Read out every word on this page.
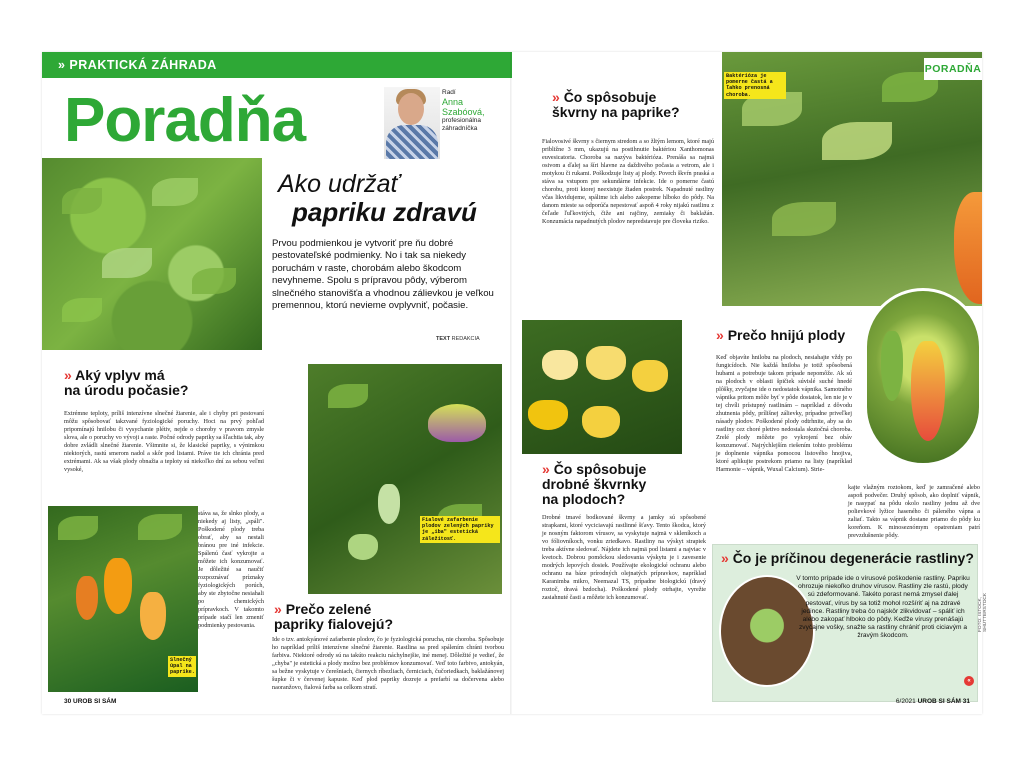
» PRAKTICKÁ ZÁHRADA
Poradňa	Radí
Anna
Szabóová,
profesionálna
záhradníčka
Ako udržať
papriku zdravú
Prvou podmienkou je vytvoriť pre ňu dobré pestovateľské podmienky. No i tak sa niekedy poruchám v raste, chorobám alebo škodcom nevyhneme. Spolu s prípravou pôdy, výberom slnečného stanovišťa a vhodnou zálievkou je veľkou premennou, ktorú nevieme ovplyvniť, počasie.
TEXT REDAKCIA
» Aký vplyv má
na úrodu počasie?

Extrémne teploty, príliš intenzívne slnečné žiarenie, ale i chyby pri pestovaní môžu spôsobovať takzvané fyziologické poruchy. Hoci na prvý pohľad pripomínajú hnilobu či vysychanie plétiv, nejde o choroby v pravom zmysle slova, ale o poruchy vo vývoji a raste. Počné odrody papriky sa šľachtia tak, aby dobre zvládli slnečné žiarenie. Všimnite si, že klasické papriky, s výnimkou niektorých, rastú smerom nadol a skôr pod listami. Práve tie ich chránia pred extrémami. Ak sa však plody obnažia a teploty sú niekoľko dní za sebou veľmi vysoké,

Slnečný úpal na paprike.

stáva sa, že slnko plody, a niekedy aj listy, „spáli". Poškodené plody treba obrať, aby sa nestali bránou pre iné infekcie. Spálenú časť vykrojte a môžete ich konzumovať. Je dôležité sa naučiť rozpoznávať príznaky fyziologických porúch, aby ste zbytočne nesiahali po chemických prípravkoch. V takomto prípade stačí len zmeniť podmienky pestovania.

Fialové zafarbenie plodov zelených papriky je „iba" estetická záležitosť.
» Prečo zelené
papriky fialovejú?

Ide o tzv. antokyánové zafarbenie plodov, čo je fyziologická porucha, nie choroba. Spôsobuje ho napríklad príliš intenzívne slnečné žiarenie. Rastlina sa pred spálením chráni tvorbou farbiva. Niektoré odrody sú na takúto reakciu náchylnejšie, iné menej. Dôležité je vedieť, že „chyba" je estetická a plody možno bez problémov konzumovať. Veď toto farbivo, antokyán, sa bežne vyskytuje v čerešniach, čiernych ríbezliach, černiciach, čučoriedkach, baklažánovej šupke či v červenej kapuste. Keď plod papriky dozreje a prefarbí sa dočervena alebo naoranžovo, fialová farba sa celkom stratí.

30 UROB SI SÁM
Baktérióza je pomerne častá a ľahko prenosná choroba.
PORADŇA
» Čo spôsobuje
škvrny na paprike?

Fialovosivé škvrny s čiernym stredom a so žltým lemom, ktoré majú približne 3 mm, ukazujú na postihnutie baktériou Xanthomonas euvesicatoria. Choroba sa nazýva baktérióza. Prenáša sa najmä osivom a ďalej sa šíri hlavne za daždivého počasia a vetrom, ale i motykou či rukami. Poškodzuje listy aj plody. Povrch škvŕn praská a stáva sa vstupom pre sekundárne infekcie. Ide o pomerne častú chorobu, proti ktorej neexistuje žiaden postrek. Napadnuté rastliny včas likvidujeme, spálime ich alebo zakopeme hlboko do pôdy. Na danom mieste sa odporúča nepestovať aspoň 4 roky nijakú rastlinu z čeľade ľuľkovitých, čiže ani rajčiny, zemiaky či baklažán. Konzumácia napadnutých plodov nepredstavuje pre človeka riziko.

» Čo spôsobuje
drobné škvrnky
na plodoch?

Drobné tmavé bodkované škvrny a jamky sú spôsobené strapkami, ktoré vyciciavajú rastlinné šťavy. Tento škodca, ktorý je nosným faktorom vírusov, sa vyskytuje najmä v skleníkoch a vo fóliovníkoch, vonku zriedkavo. Rastliny na výskyt strapiek treba aktívne sledovať. Nájdete ich najmä pod listami a najviac v kvetoch. Dobrou pomôckou sledovania výskytu je i zavesenie modrých lepových dosiek. Používajte ekologické ochranu alebo ochranu na báze prírodných olejnatých prípravkov, napríklad Karanimba mikro, Neemazal TS, prípadne biologickú (dravý roztoč, dravá bzdocha). Poškodené plody otrhajte, vyrežte zasiahnuté časti a môžete ich konzumovať.

» Prečo hnijú plody

Keď objavíte hnilobu na plodoch, nesiahajte vždy po fungicídoch. Nie každá hniloba je totiž spôsobená hubami a potrebuje takom prípade nepomôže. Ak sú na plodoch v oblasti špičiek súvislé suché hnedé plôšky, zvyčajne ide o nedostatok vápnika. Samotného vápnika pritom môže byť v pôde dostatok, len nie je v tej chvíli prístupný rastlinám – napríklad z dôvodu zhutnenia pôdy, prílišnej zálievky, prípadne priveľkej násady plodov. Poškodené plody odtrhnite, aby sa do rastliny cez choré pletivo nedostala skutočná choroba. Zrelé plody môžete po vykrojení bez obáv konzumovať. Najrýchlejším riešením tohto problému je doplnenie vápnika pomocou listového hnojiva, ktoré aplikujte postrekom priamo na listy (napríklad Harmonie – vápnik, Wuxal Calcium). Strie-

kajte vlažným roztokom, keď je zamračené alebo aspoň podvečer. Druhý spôsob, ako doplniť vápnik, je nasypať na pôdu okolo rastliny jednu až dve polievkové lyžice haseného či páleného vápna a zaliať. Takto sa vápnik dostane priamo do pôdy ku koreňom. K minoseznómym opatreniam patrí prevzdušnenie pôdy.

» Čo je príčinou degenerácie rastliny?
V tomto prípade ide o vírusové poškodenie rastliny. Papriku ohrozuje niekoľko druhov vírusov. Rastliny zle rastú, plody sú zdeformované. Takéto porast nemá zmysel ďalej pestovať, vírus by sa totiž mohol rozšíriť aj na zdravé jedince. Rastliny treba čo najskôr zlikvidovať – spáliť ich alebo zakopať hlboko do pôdy. Keďže vírusy prenášajú zvyčajne vošky, snažte sa rastliny chrániť proti ciciavým a žravým škodcom.
FOTO: ISTOCK, SHUTTERSTOCK
«
6/2021 UROB SI SÁM 31
